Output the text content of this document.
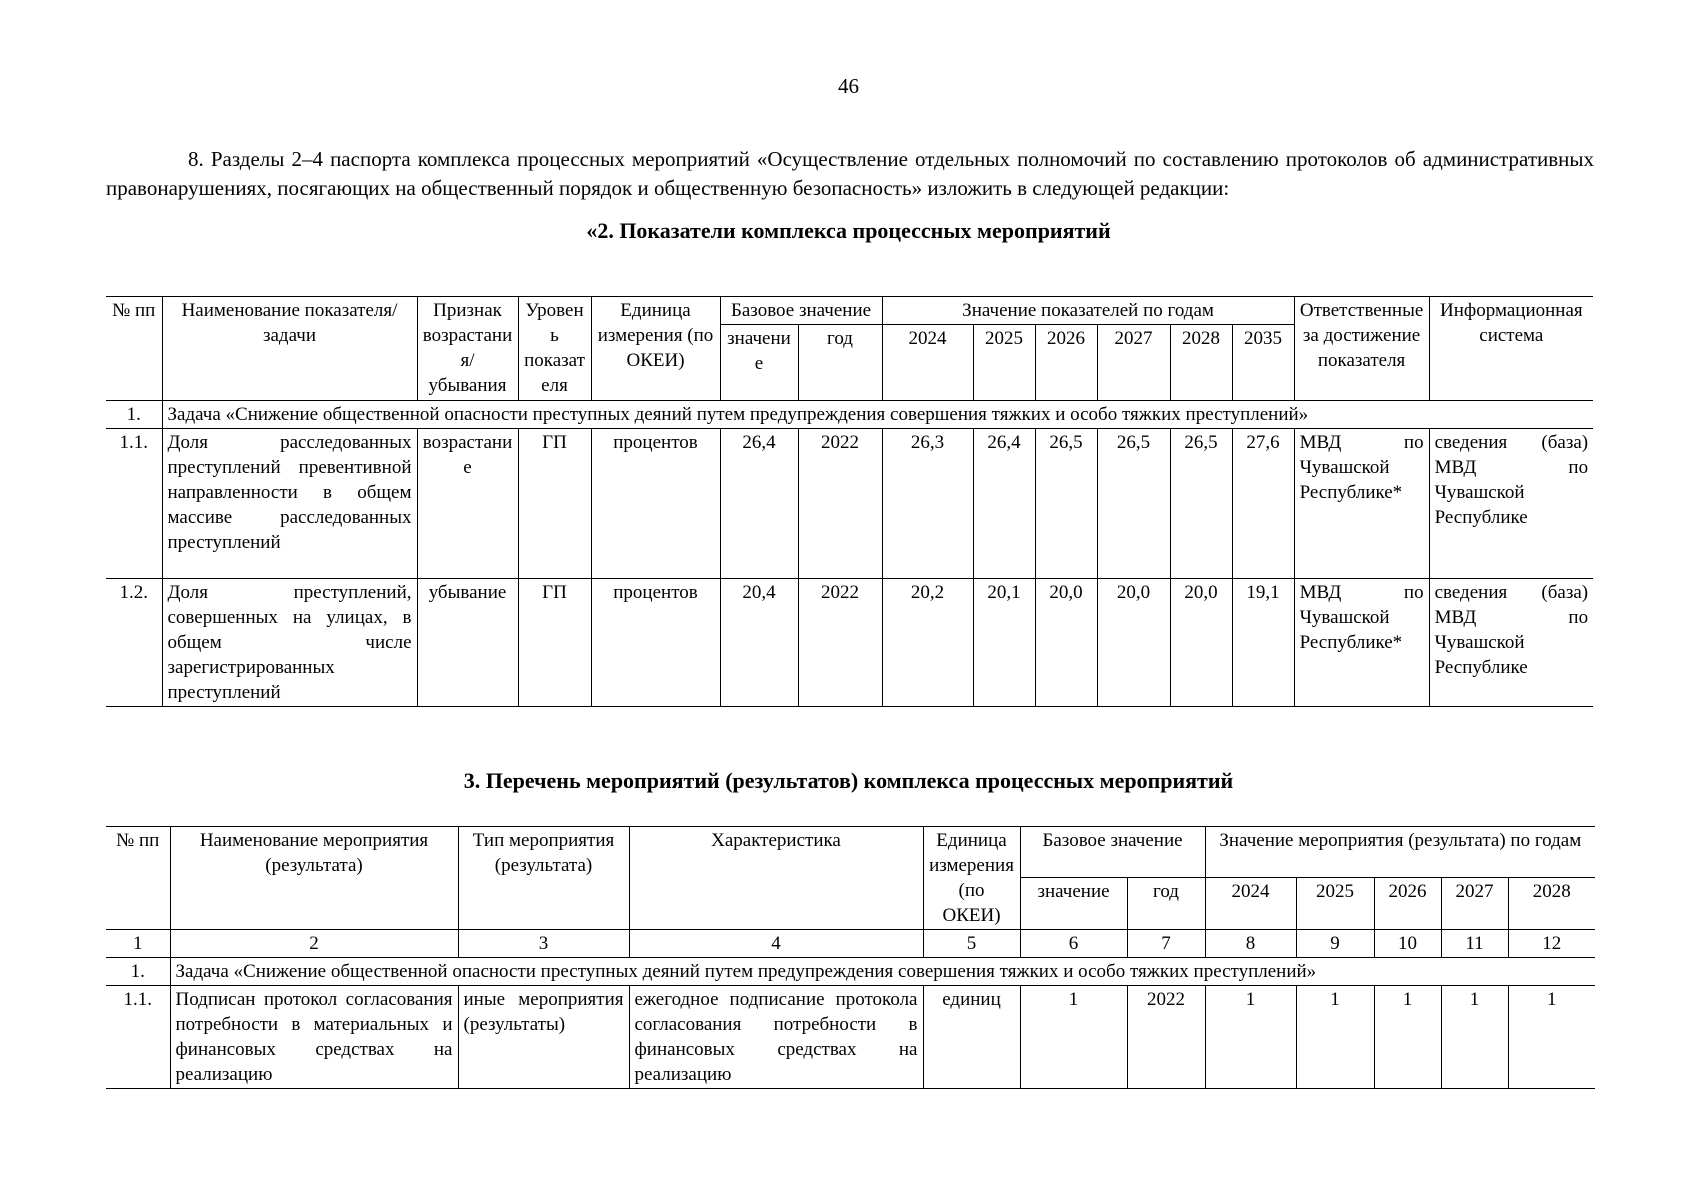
46
8. Разделы 2–4 паспорта комплекса процессных мероприятий «Осуществление отдельных полномочий по составлению протоколов об административных правонарушениях, посягающих на общественный порядок и общественную безопасность» изложить в следующей редакции:
«2. Показатели комплекса процессных мероприятий
№ пп	Наименование показателя/задачи	Признак возрастания/ убывания	Уровень показателя	Единица измерения (по ОКЕИ)	Базовое значение		Значение показателей по годам						Ответственные за достижение показателя	Информационная система
					значение	год	2024	2025	2026	2027	2028	2035		
1.	Задача «Снижение общественной опасности преступных деяний путем предупреждения совершения тяжких и особо тяжких преступлений»													
1.1.	Доля расследованных преступлений превентивной направленности в общем массиве расследованных преступлений	возрастание	ГП	процентов	26,4	2022	26,3	26,4	26,5	26,5	26,5	27,6	МВД по Чувашской Республике*	сведения (база) МВД по Чувашской Республике
1.2.	Доля преступлений, совершенных на улицах, в общем числе зарегистрированных преступлений	убывание	ГП	процентов	20,4	2022	20,2	20,1	20,0	20,0	20,0	19,1	МВД по Чувашской Республике*	сведения (база) МВД по Чувашской Республике
3. Перечень мероприятий (результатов) комплекса процессных мероприятий
№ пп	Наименование мероприятия (результата)	Тип мероприятия (результата)	Характеристика	Единица измерения (по ОКЕИ)	Базовое значение		Значение мероприятия (результата) по годам				
					значение	год	2024	2025	2026	2027	2028
1	2	3	4	5	6	7	8	9	10	11	12
1.	Задача «Снижение общественной опасности преступных деяний путем предупреждения совершения тяжких и особо тяжких преступлений»										
1.1.	Подписан протокол согласования потребности в материальных и финансовых средствах на реализацию	иные мероприятия (результаты)	ежегодное подписание протокола согласования потребности в финансовых средствах на реализацию	единиц	1	2022	1	1	1	1	1
